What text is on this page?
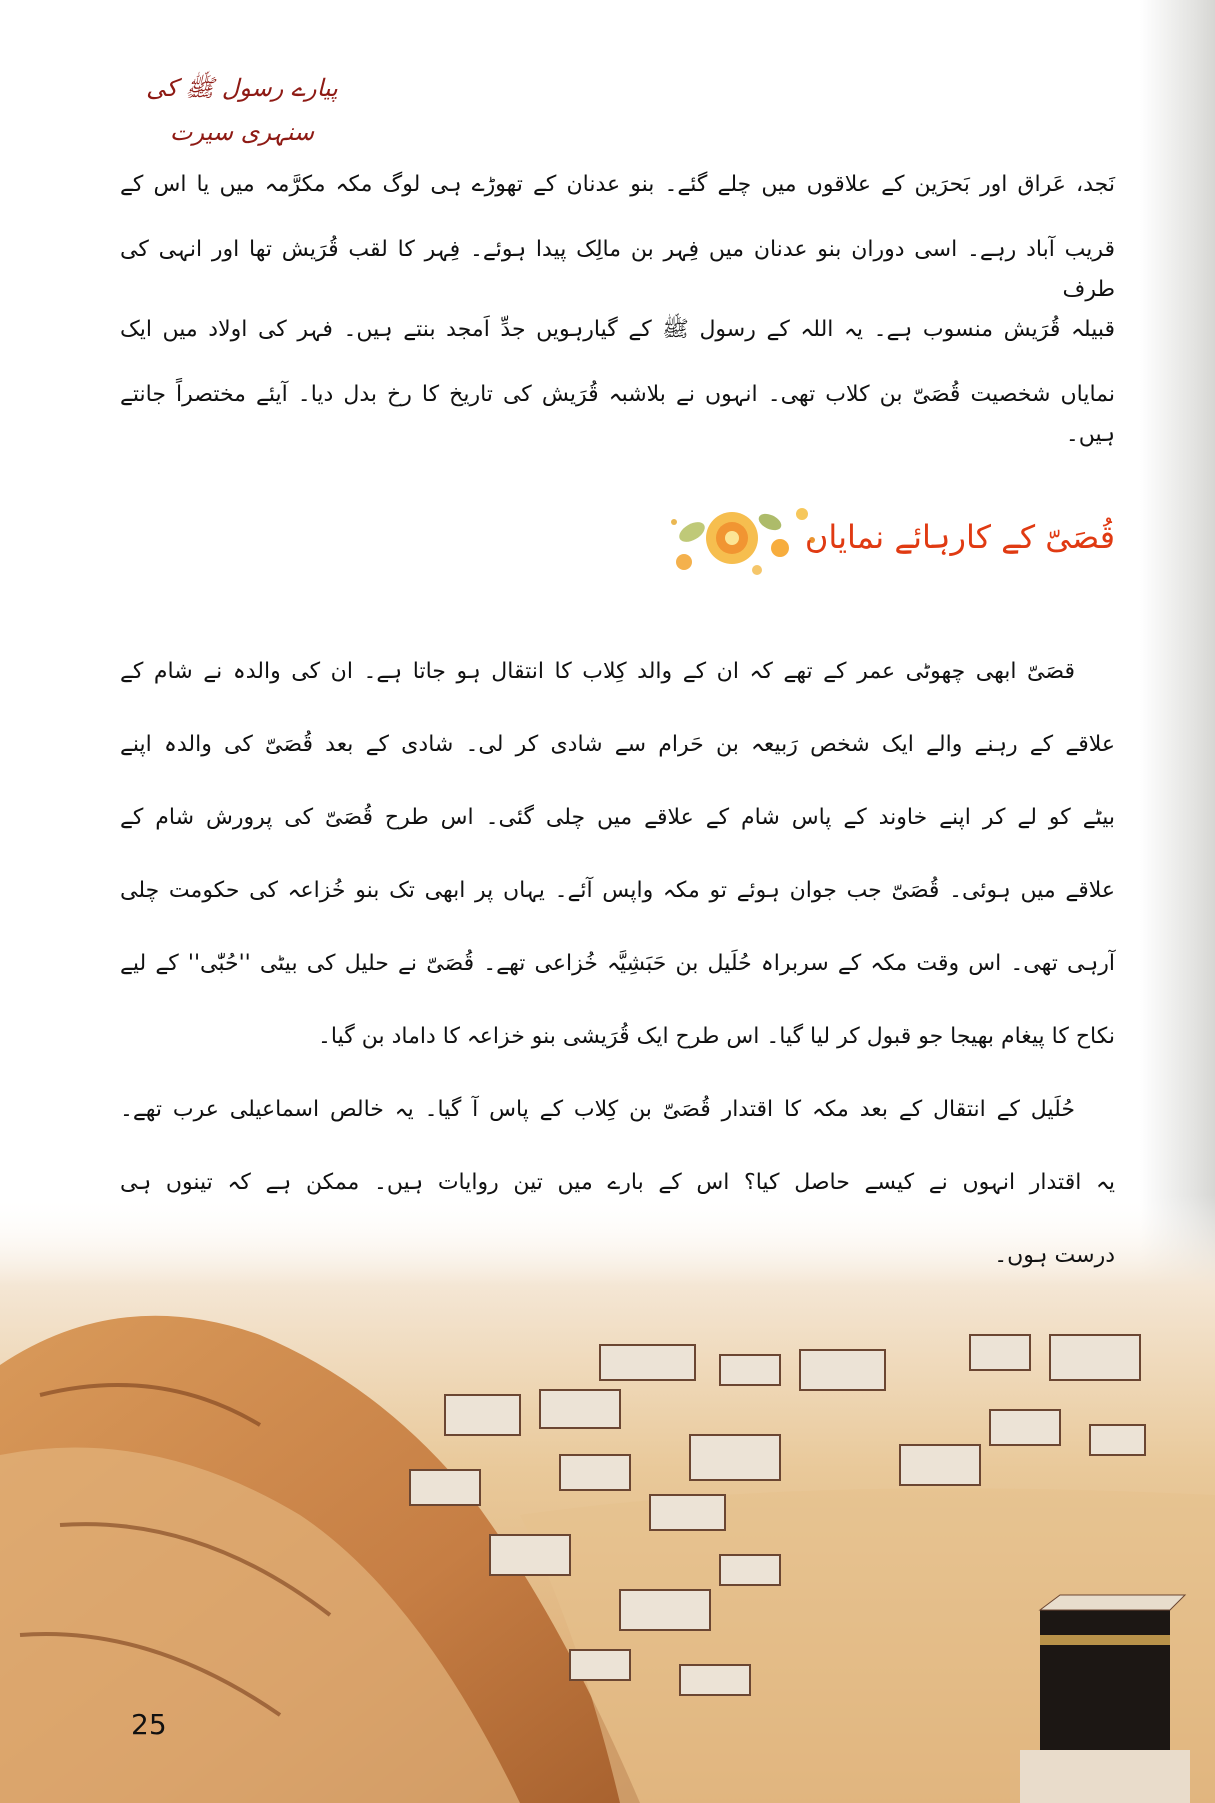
پیارے رسول ﷺ کی سنہری سیرت
نَجد، عَراق اور بَحرَین کے علاقوں میں چلے گئے۔ بنو عدنان کے تھوڑے ہی لوگ مکہ مکرَّمہ میں یا اس کے
قریب آباد رہے۔ اسی دوران بنو عدنان میں فِہر بن مالِک پیدا ہوئے۔ فِہر کا لقب قُرَیش تھا اور انہی کی طرف
قبیلہ قُرَیش منسوب ہے۔ یہ اللہ کے رسول ﷺ کے گیارہویں جدِّ اَمجد بنتے ہیں۔ فہر کی اولاد میں ایک
نمایاں شخصیت قُصَیّ بن کلاب تھی۔ انہوں نے بلاشبہ قُرَیش کی تاریخ کا رخ بدل دیا۔ آیئے مختصراً جانتے ہیں۔
قُصَیّ کے کارہائے نمایاں
قصَیّ ابھی چھوٹی عمر کے تھے کہ ان کے والد کِلاب کا انتقال ہو جاتا ہے۔ ان کی والدہ نے شام کے
علاقے کے رہنے والے ایک شخص رَبیعہ بن حَرام سے شادی کر لی۔ شادی کے بعد قُصَیّ کی والدہ اپنے
بیٹے کو لے کر اپنے خاوند کے پاس شام کے علاقے میں چلی گئی۔ اس طرح قُصَیّ کی پرورش شام کے
علاقے میں ہوئی۔ قُصَیّ جب جوان ہوئے تو مکہ واپس آئے۔ یہاں پر ابھی تک بنو خُزاعہ کی حکومت چلی
آرہی تھی۔ اس وقت مکہ کے سربراہ حُلَیل بن حَبَشِیَّہ خُزاعی تھے۔ قُصَیّ نے حلیل کی بیٹی ''حُبّٰی'' کے لیے
نکاح کا پیغام بھیجا جو قبول کر لیا گیا۔ اس طرح ایک قُرَیشی بنو خزاعہ کا داماد بن گیا۔
حُلَیل کے انتقال کے بعد مکہ کا اقتدار قُصَیّ بن کِلاب کے پاس آ گیا۔ یہ خالص اسماعیلی عرب تھے۔
یہ اقتدار انہوں نے کیسے حاصل کیا؟ اس کے بارے میں تین روایات ہیں۔ ممکن ہے کہ تینوں ہی
درست ہوں۔
25
